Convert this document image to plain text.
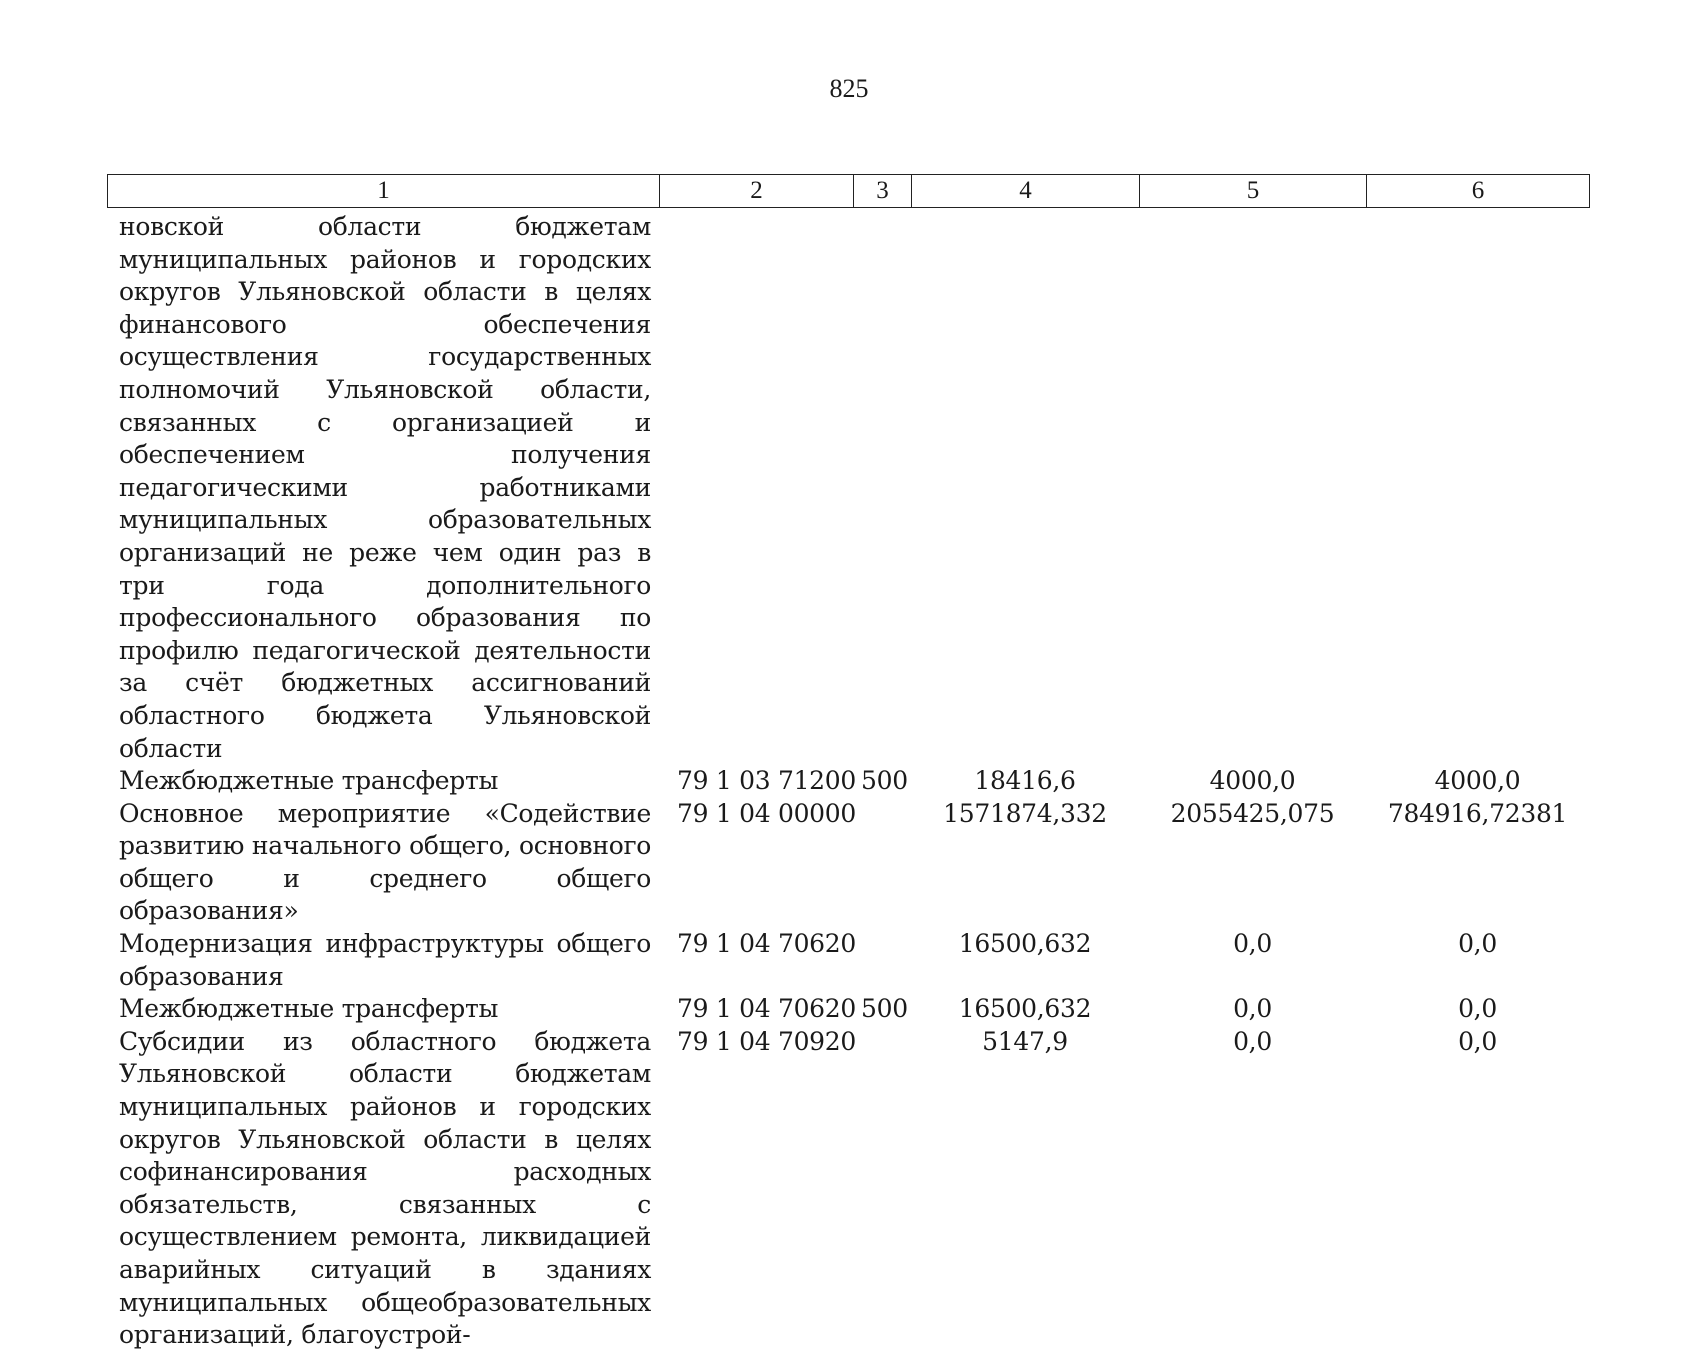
825
1	2	3	4	5	6
новской области бюджетам муниципальных районов и городских округов Ульяновской области в целях финансового обеспечения осуществления государственных полномочий Ульяновской области, связанных с организацией и обеспечением получения педагогическими работниками муниципальных образовательных организаций не реже чем один раз в три года дополнительного профессионального образования по профилю педагогической деятельности за счёт бюджетных ассигнований областного бюджета Ульяновской области					
Межбюджетные трансферты	79 1 03 71200	500	18416,6	4000,0	4000,0
Основное мероприятие «Содействие развитию начального общего, основного общего и среднего общего образования»	79 1 04 00000		1571874,332	2055425,075	784916,72381
Модернизация инфраструктуры общего образования	79 1 04 70620		16500,632	0,0	0,0
Межбюджетные трансферты	79 1 04 70620	500	16500,632	0,0	0,0
Субсидии из областного бюджета Ульяновской области бюджетам муниципальных районов и городских округов Ульяновской области в целях софинансирования расходных обязательств, связанных с осуществлением ремонта, ликвидацией аварийных ситуаций в зданиях муниципальных общеобразовательных организаций, благоустрой-	79 1 04 70920		5147,9	0,0	0,0
